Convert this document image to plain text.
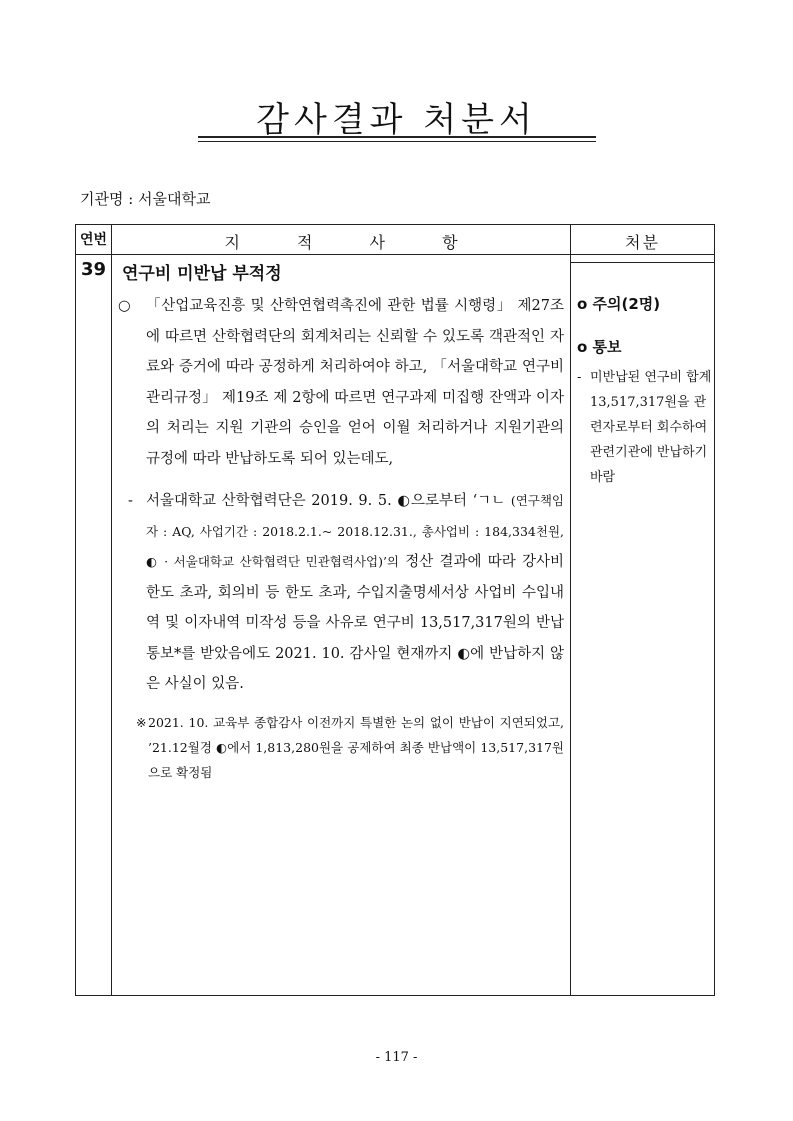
감사결과 처분서
기관명 : 서울대학교
연번	지 적 사 항	처분
39 연구비 미반납 부적정
○ 「산업교육진흥 및 산학연협력촉진에 관한 법률 시행령」 제27조에 따르면 산학협력단의 회계처리는 신뢰할 수 있도록 객관적인 자료와 증거에 따라 공정하게 처리하여야 하고, 「서울대학교 연구비 관리규정」 제19조 제 2항에 따르면 연구과제 미집행 잔액과 이자의 처리는 지원 기관의 승인을 얻어 이월 처리하거나 지원기관의 규정에 따라 반납하도록 되어 있는데도,
- 서울대학교 산학협력단은 2019. 9. 5. ◐으로부터 ‘ㄱㄴ (연구책임자 : AQ, 사업기간 : 2018.2.1.~ 2018.12.31., 총사업비 : 184,334천원, ◐ · 서울대학교 산학협력단 민관협력사업)’의 정산 결과에 따라 강사비 한도 초과, 회의비 등 한도 초과, 수입지출명세서상 사업비 수입내역 및 이자내역 미작성 등을 사유로 연구비 13,517,317원의 반납 통보*를 받았음에도 2021. 10. 감사일 현재까지 ◐에 반납하지 않은 사실이 있음.
※ 2021. 10. 교육부 종합감사 이전까지 특별한 논의 없이 반납이 지연되었고, ’21.12월경 ◐에서 1,813,280원을 공제하여 최종 반납액이 13,517,317원으로 확정됨
o 주의(2명)
o 통보
- 미반납된 연구비 합계 13,517,317원을 관련자로부터 회수하여 관련기관에 반납하기 바람
- 117 -
